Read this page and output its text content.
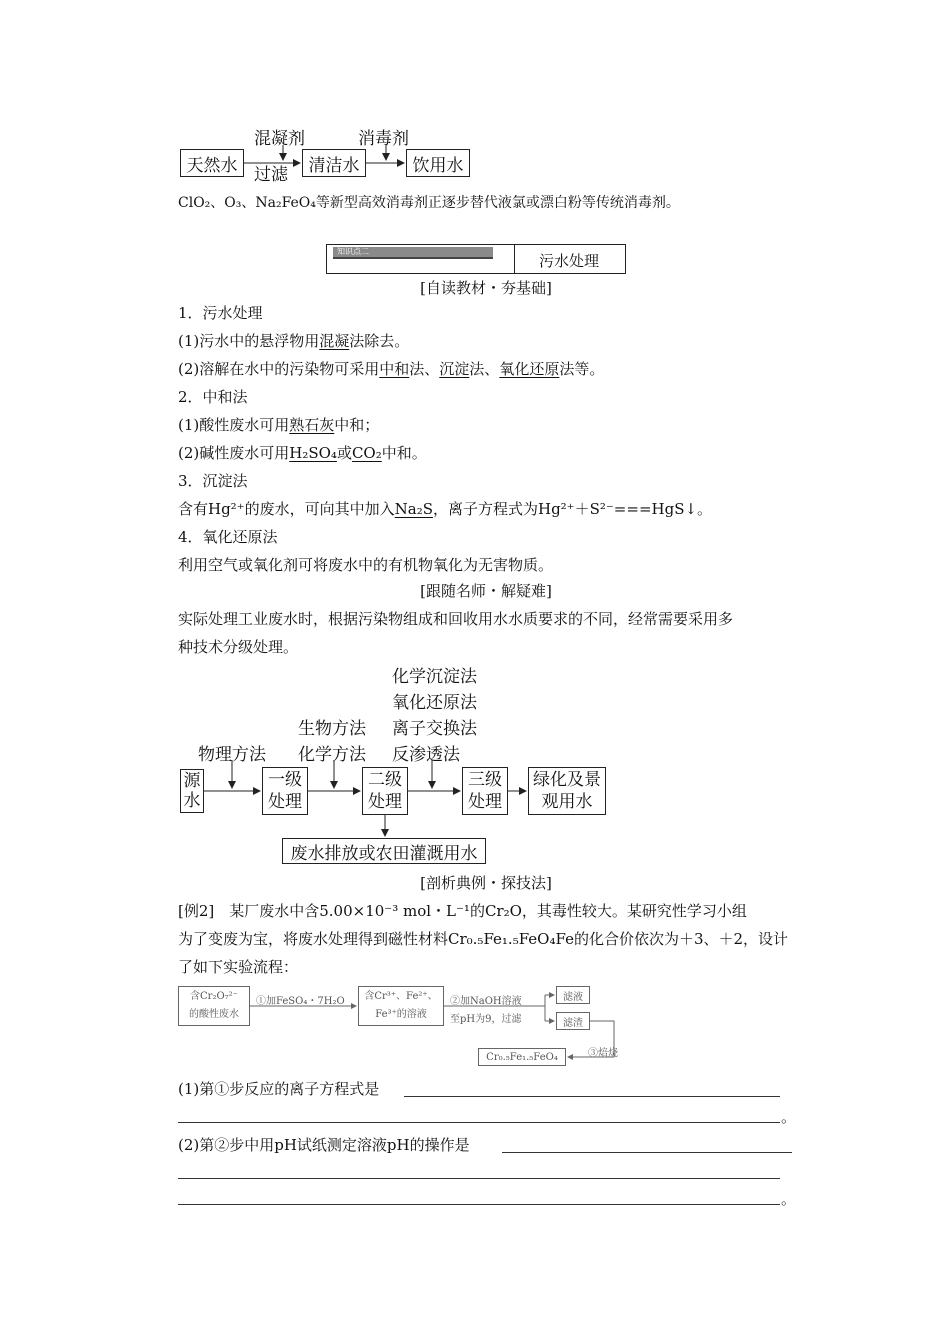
混凝剂	消毒剂
天然水	清洁水	饮用水
过滤
ClO₂、O₃、Na₂FeO₄等新型高效消毒剂正逐步替代液氯或漂白粉等传统消毒剂。
知识点二
污水处理
[自读教材・夯基础]
1．污水处理
(1)污水中的悬浮物用混凝法除去。
(2)溶解在水中的污染物可采用中和法、沉淀法、氧化还原法等。
2．中和法
(1)酸性废水可用熟石灰中和；
(2)碱性废水可用H₂SO₄或CO₂中和。
3．沉淀法
含有Hg²⁺的废水，可向其中加入Na₂S，离子方程式为Hg²⁺＋S²⁻===HgS↓。
4．氧化还原法
利用空气或氧化剂可将废水中的有机物氧化为无害物质。
[跟随名师・解疑难]
实际处理工业废水时，根据污染物组成和回收用水水质要求的不同，经常需要采用多
种技术分级处理。
化学沉淀法
氧化还原法
离子交换法
反渗透法
生物方法
化学方法
物理方法
源
水
一级
处理
二级
处理
三级
处理
绿化及景
观用水
废水排放或农田灌溉用水
[剖析典例・探技法]
[例2]　某厂废水中含5.00×10⁻³ mol・L⁻¹的Cr₂O，其毒性较大。某研究性学习小组
为了变废为宝，将废水处理得到磁性材料Cr₀.₅Fe₁.₅FeO₄Fe的化合价依次为＋3、＋2，设计
了如下实验流程：
含Cr₂O₇²⁻
的酸性废水
①加FeSO₄・7H₂O 含Cr³⁺、Fe²⁺、
Fe³⁺的溶液
②加NaOH溶液
至pH为9，过滤
滤液
滤渣
③焙烧
Cr₀.₅Fe₁.₅FeO₄
(1)第①步反应的离子方程式是
。
(2)第②步中用pH试纸测定溶液pH的操作是
。
